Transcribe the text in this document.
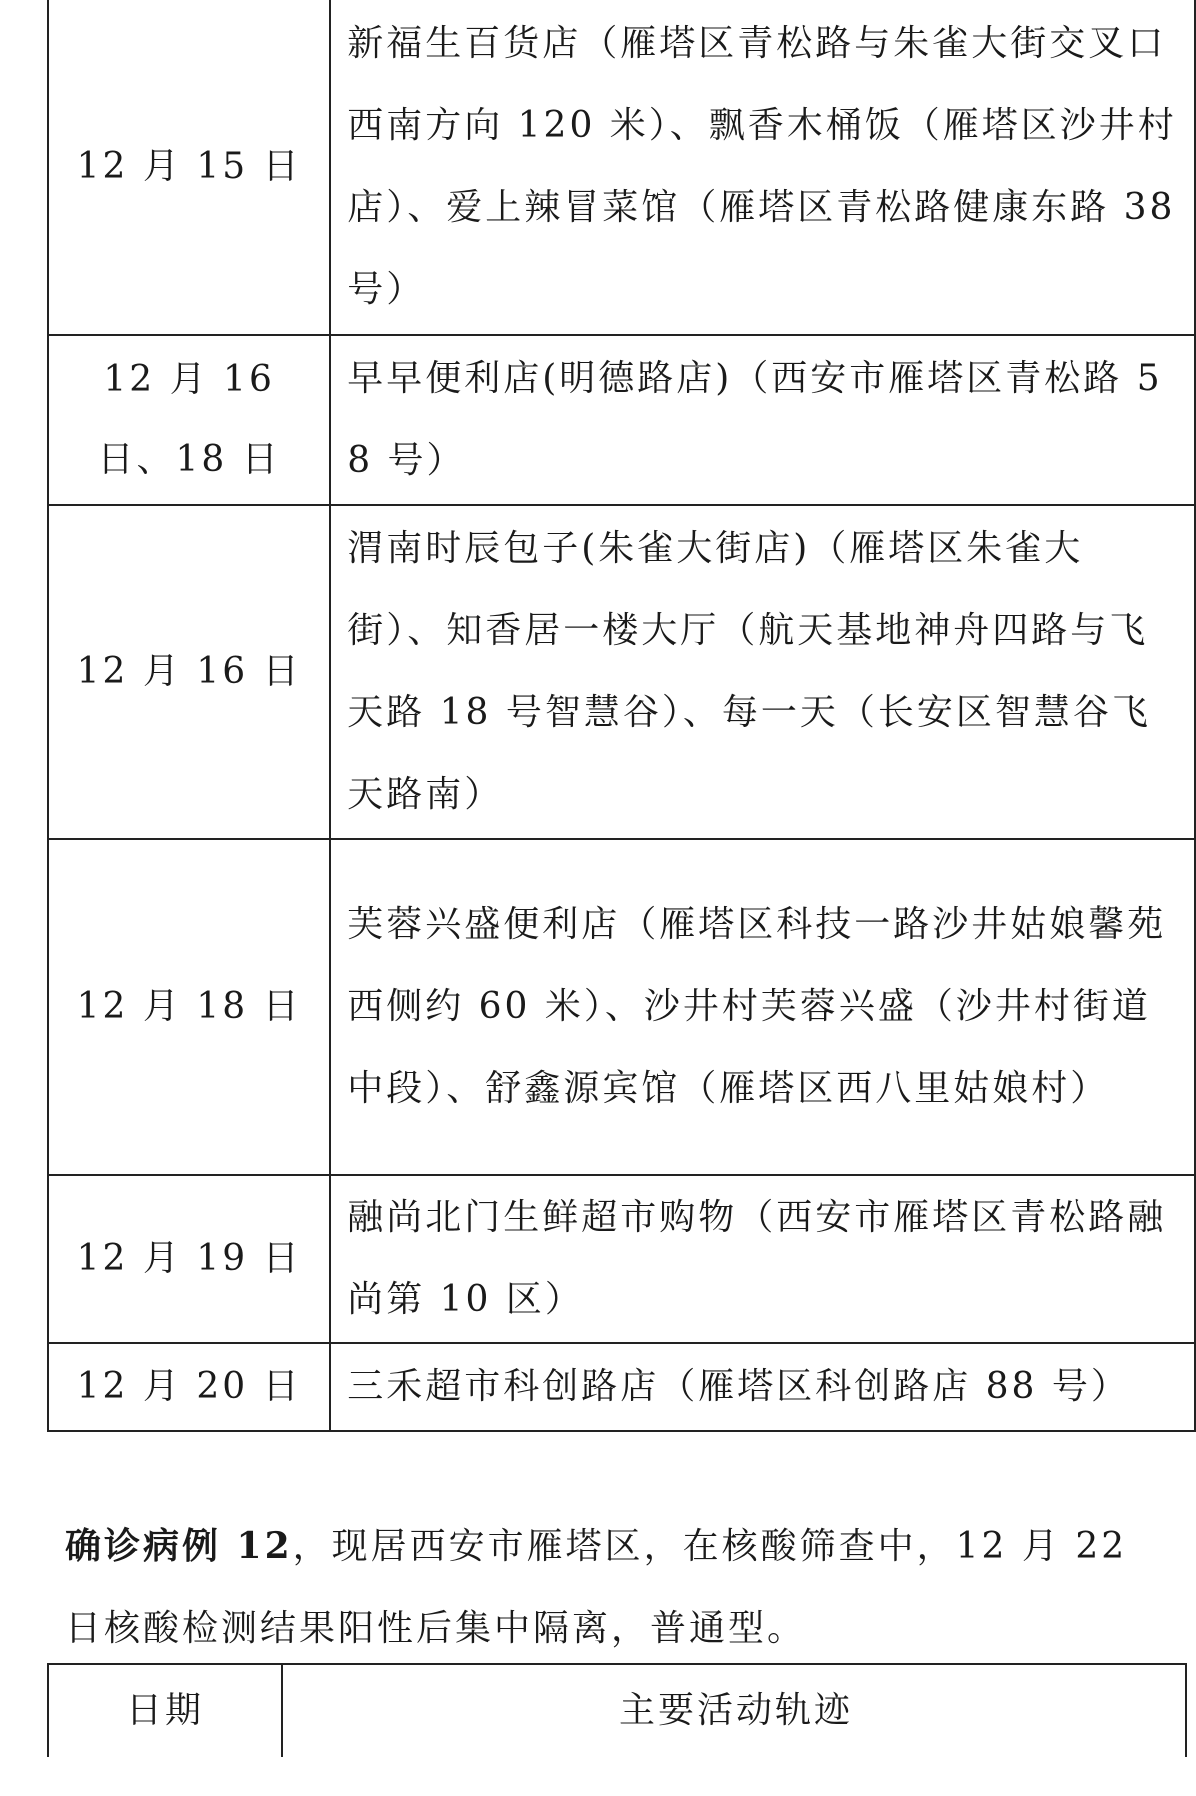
12 月 15 日	新福生百货店（雁塔区青松路与朱雀大街交叉口西南方向 120 米）、飘香木桶饭（雁塔区沙井村店）、爱上辣冒菜馆（雁塔区青松路健康东路 38 号）
12 月 16 日、18 日	早早便利店(明德路店)（西安市雁塔区青松路 58 号）
12 月 16 日	渭南时辰包子(朱雀大街店)（雁塔区朱雀大街）、知香居一楼大厅（航天基地神舟四路与飞天路 18 号智慧谷）、每一天（长安区智慧谷飞天路南）
12 月 18 日	芙蓉兴盛便利店（雁塔区科技一路沙井姑娘馨苑西侧约 60 米）、沙井村芙蓉兴盛（沙井村街道中段）、舒鑫源宾馆（雁塔区西八里姑娘村）
12 月 19 日	融尚北门生鲜超市购物（西安市雁塔区青松路融尚第 10 区）
12 月 20 日	三禾超市科创路店（雁塔区科创路店 88 号）

确诊病例 12，现居西安市雁塔区，在核酸筛查中，12 月 22 日核酸检测结果阳性后集中隔离，普通型。

日期	主要活动轨迹
